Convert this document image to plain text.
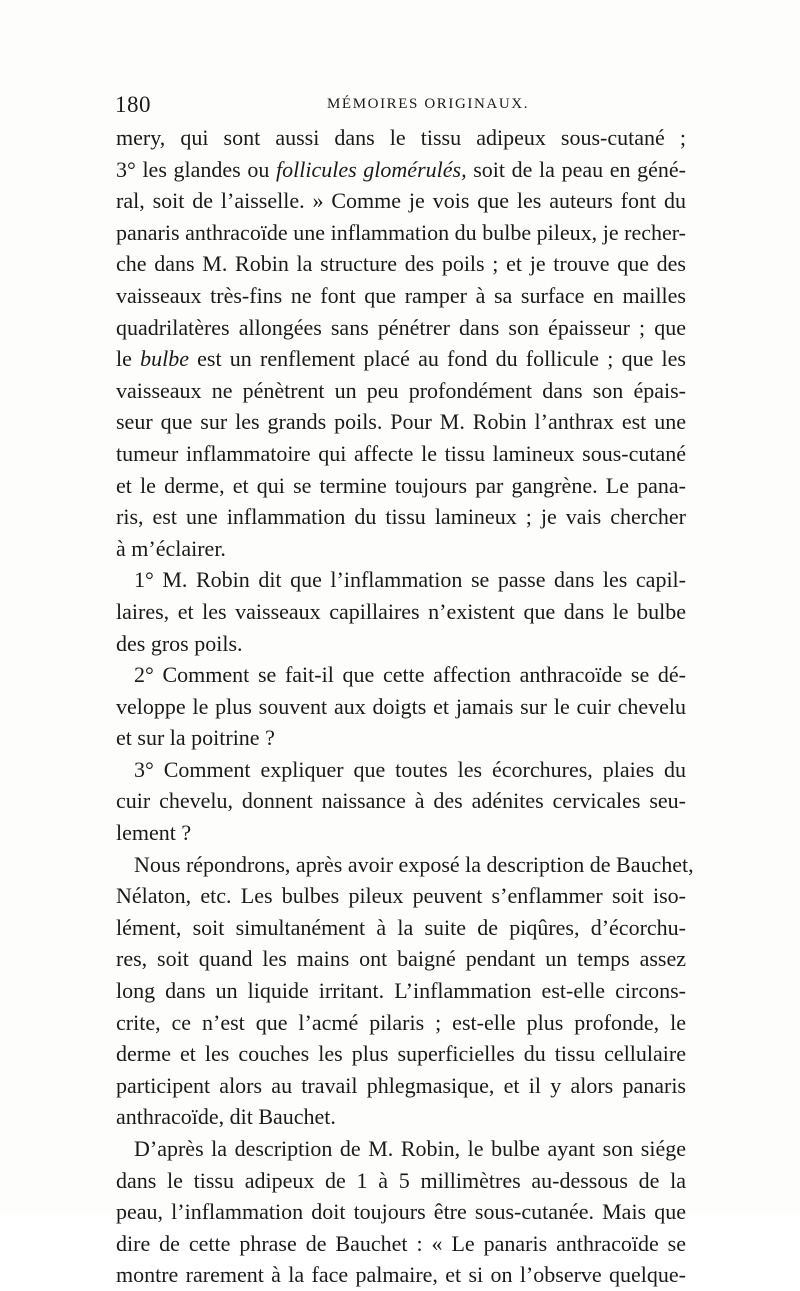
180	MÉMOIRES ORIGINAUX.
mery, qui sont aussi dans le tissu adipeux sous-cutané ;
3° les glandes ou follicules glomérulés, soit de la peau en géné-
ral, soit de l’aisselle. » Comme je vois que les auteurs font du
panaris anthracoïde une inflammation du bulbe pileux, je recher-
che dans M. Robin la structure des poils ; et je trouve que des
vaisseaux très-fins ne font que ramper à sa surface en mailles
quadrilatères allongées sans pénétrer dans son épaisseur ; que
le bulbe est un renflement placé au fond du follicule ; que les
vaisseaux ne pénètrent un peu profondément dans son épais-
seur que sur les grands poils. Pour M. Robin l’anthrax est une
tumeur inflammatoire qui affecte le tissu lamineux sous-cutané
et le derme, et qui se termine toujours par gangrène. Le pana-
ris, est une inflammation du tissu lamineux ; je vais chercher
à m’éclairer.
1° M. Robin dit que l’inflammation se passe dans les capil-
laires, et les vaisseaux capillaires n’existent que dans le bulbe
des gros poils.
2° Comment se fait-il que cette affection anthracoïde se dé-
veloppe le plus souvent aux doigts et jamais sur le cuir chevelu
et sur la poitrine ?
3° Comment expliquer que toutes les écorchures, plaies du
cuir chevelu, donnent naissance à des adénites cervicales seu-
lement ?
Nous répondrons, après avoir exposé la description de Bauchet,
Nélaton, etc. Les bulbes pileux peuvent s’enflammer soit iso-
lément, soit simultanément à la suite de piqûres, d’écorchu-
res, soit quand les mains ont baigné pendant un temps assez
long dans un liquide irritant. L’inflammation est-elle circons-
crite, ce n’est que l’acmé pilaris ; est-elle plus profonde, le
derme et les couches les plus superficielles du tissu cellulaire
participent alors au travail phlegmasique, et il y alors panaris
anthracoïde, dit Bauchet.
D’après la description de M. Robin, le bulbe ayant son siége
dans le tissu adipeux de 1 à 5 millimètres au-dessous de la
peau, l’inflammation doit toujours être sous-cutanée. Mais que
dire de cette phrase de Bauchet : « Le panaris anthracoïde se
montre rarement à la face palmaire, et si on l’observe quelque-
